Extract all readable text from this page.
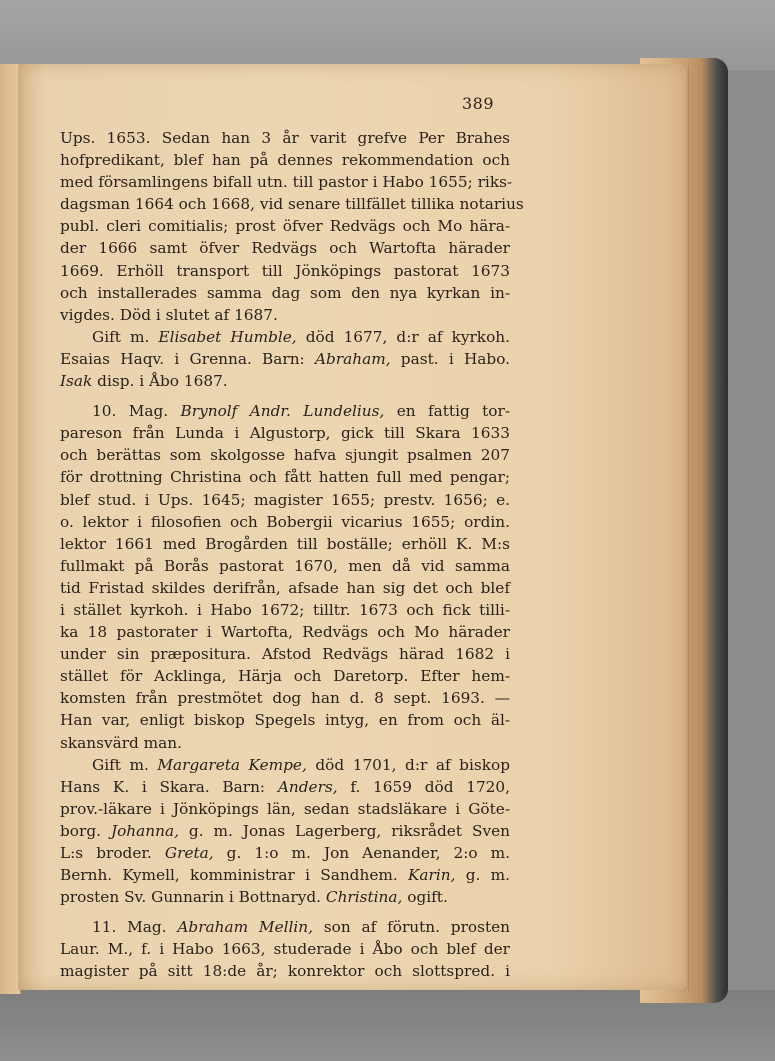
389
Ups. 1653. Sedan han 3 år varit grefve Per Brahes
hofpredikant, blef han på dennes rekommendation och
med församlingens bifall utn. till pastor i Habo 1655; riks-
dagsman 1664 och 1668, vid senare tillfället tillika notarius
publ. cleri comitialis; prost öfver Redvägs och Mo härа-
der 1666 samt öfver Redvägs och Wartofta härader
1669. Erhöll transport till Jönköpings pastorat 1673
och installerades samma dag som den nya kyrkan in-
vigdes. Död i slutet af 1687.
Gift m. Elisabet Humble, död 1677, d:r af kyrkoh.
Esaias Haqv. i Grenna. Barn: Abraham, past. i Habo.
Isak disp. i Åbo 1687.
10. Mag. Brynolf Andr. Lundelius, en fattig tor-
pareson från Lunda i Algustorp, gick till Skara 1633
och berättas som skolgosse hafva sjungit psalmen 207
för drottning Christina och fått hatten full med pengar;
blef stud. i Ups. 1645; magister 1655; prestv. 1656; e.
o. lektor i filosofien och Bobergii vicarius 1655; ordin.
lektor 1661 med Brogården till boställe; erhöll K. M:s
fullmakt på Borås pastorat 1670, men då vid samma
tid Fristad skildes derifrån, afsade han sig det och blef
i stället kyrkoh. i Habo 1672; tilltr. 1673 och fick tilli-
ka 18 pastorater i Wartofta, Redvägs och Mo härader
under sin præpositura. Afstod Redvägs härad 1682 i
stället för Acklinga, Härja och Daretorp. Efter hem-
komsten från prestmötet dog han d. 8 sept. 1693. —
Han var, enligt biskop Spegels intyg, en from och äl-
skansvärd man.
Gift m. Margareta Kempe, död 1701, d:r af biskop
Hans K. i Skara. Barn: Anders, f. 1659 död 1720,
prov.-läkare i Jönköpings län, sedan stadsläkare i Göte-
borg. Johanna, g. m. Jonas Lagerberg, riksrådet Sven
L:s broder. Greta, g. 1:o m. Jon Aenander, 2:o m.
Bernh. Kymell, komministrar i Sandhem. Karin, g. m.
prosten Sv. Gunnarin i Bottnaryd. Christina, ogift.
11. Mag. Abraham Mellin, son af förutn. prosten
Laur. M., f. i Habo 1663, studerade i Åbo och blef der
magister på sitt 18:de år; konrektor och slottspred. i
